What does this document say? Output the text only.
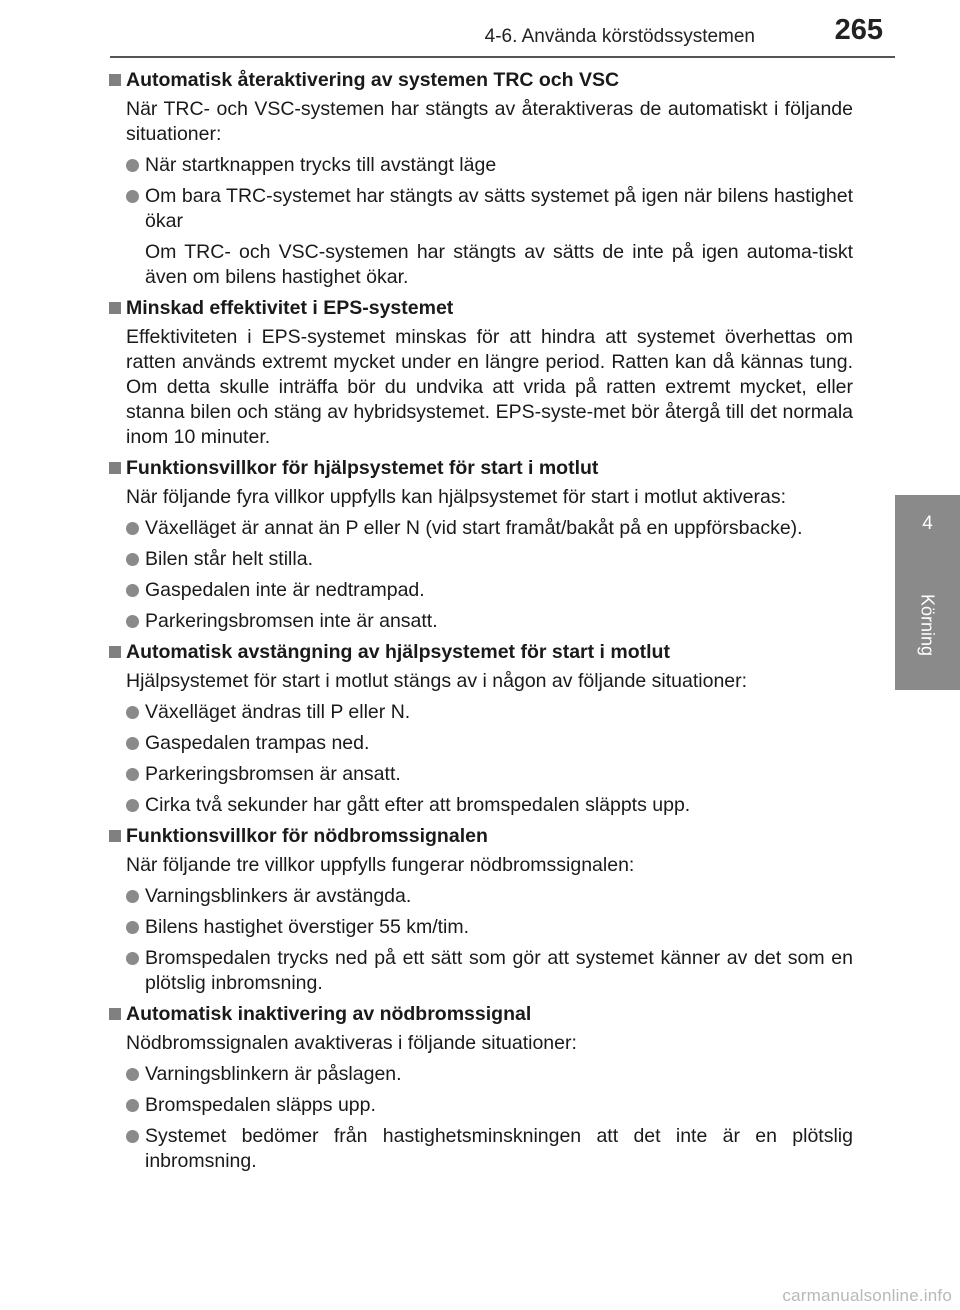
4-6. Använda körstödssystemen	265
4
Körning
Automatisk återaktivering av systemen TRC och VSC
När TRC- och VSC-systemen har stängts av återaktiveras de automatiskt i följande situationer:
När startknappen trycks till avstängt läge
Om bara TRC-systemet har stängts av sätts systemet på igen när bilens hastighet ökar
Om TRC- och VSC-systemen har stängts av sätts de inte på igen automa-tiskt även om bilens hastighet ökar.
Minskad effektivitet i EPS-systemet
Effektiviteten i EPS-systemet minskas för att hindra att systemet överhettas om ratten används extremt mycket under en längre period. Ratten kan då kännas tung. Om detta skulle inträffa bör du undvika att vrida på ratten extremt mycket, eller stanna bilen och stäng av hybridsystemet. EPS-syste-met bör återgå till det normala inom 10 minuter.
Funktionsvillkor för hjälpsystemet för start i motlut
När följande fyra villkor uppfylls kan hjälpsystemet för start i motlut aktiveras:
Växelläget är annat än P eller N (vid start framåt/bakåt på en uppförsbacke).
Bilen står helt stilla.
Gaspedalen inte är nedtrampad.
Parkeringsbromsen inte är ansatt.
Automatisk avstängning av hjälpsystemet för start i motlut
Hjälpsystemet för start i motlut stängs av i någon av följande situationer:
Växelläget ändras till P eller N.
Gaspedalen trampas ned.
Parkeringsbromsen är ansatt.
Cirka två sekunder har gått efter att bromspedalen släppts upp.
Funktionsvillkor för nödbromssignalen
När följande tre villkor uppfylls fungerar nödbromssignalen:
Varningsblinkers är avstängda.
Bilens hastighet överstiger 55 km/tim.
Bromspedalen trycks ned på ett sätt som gör att systemet känner av det som en plötslig inbromsning.
Automatisk inaktivering av nödbromssignal
Nödbromssignalen avaktiveras i följande situationer:
Varningsblinkern är påslagen.
Bromspedalen släpps upp.
Systemet bedömer från hastighetsminskningen att det inte är en plötslig inbromsning.
carmanualsonline.info
